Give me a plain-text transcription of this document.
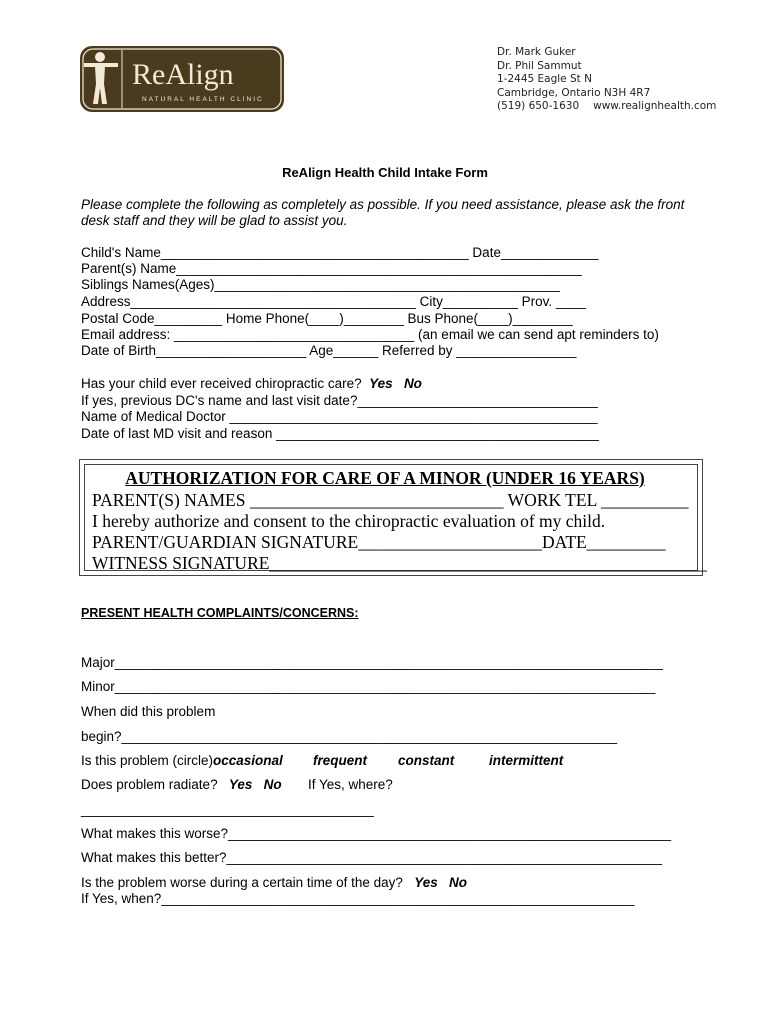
ReAlign
NATURAL HEALTH CLINIC
Dr. Mark Guker
Dr. Phil Sammut
1-2445 Eagle St N
Cambridge, Ontario N3H 4R7
(519) 650-1630 www.realignhealth.com
ReAlign Health Child Intake Form
Please complete the following as completely as possible. If you need assistance, please ask the front desk staff and they will be glad to assist you.
Child's Name_________________________________________ Date_____________
Parent(s) Name______________________________________________________
Siblings Names(Ages)______________________________________________
Address______________________________________ City__________ Prov. ____
Postal Code_________ Home Phone(____)________ Bus Phone(____)________
Email address: ________________________________ (an email we can send apt reminders to)
Date of Birth____________________ Age______ Referred by ________________
Has your child ever received chiropractic care? Yes No
If yes, previous DC's name and last visit date?________________________________
Name of Medical Doctor _________________________________________________
Date of last MD visit and reason ___________________________________________
AUTHORIZATION FOR CARE OF A MINOR (UNDER 16 YEARS)
PARENT(S) NAMES _____________________________ WORK TEL __________
I hereby authorize and consent to the chiropractic evaluation of my child.
PARENT/GUARDIAN SIGNATURE_____________________DATE_________
WITNESS SIGNATURE__________________________________________________
PRESENT HEALTH COMPLAINTS/CONCERNS:
Major_________________________________________________________________________
Minor________________________________________________________________________
When did this problem
begin?__________________________________________________________________
Is this problem (circle)occasional frequent constant	intermittent
Does problem radiate? Yes No If Yes, where?
_______________________________________
What makes this worse?___________________________________________________________
What makes this better?__________________________________________________________
Is the problem worse during a certain time of the day? Yes No
If Yes, when?_______________________________________________________________
